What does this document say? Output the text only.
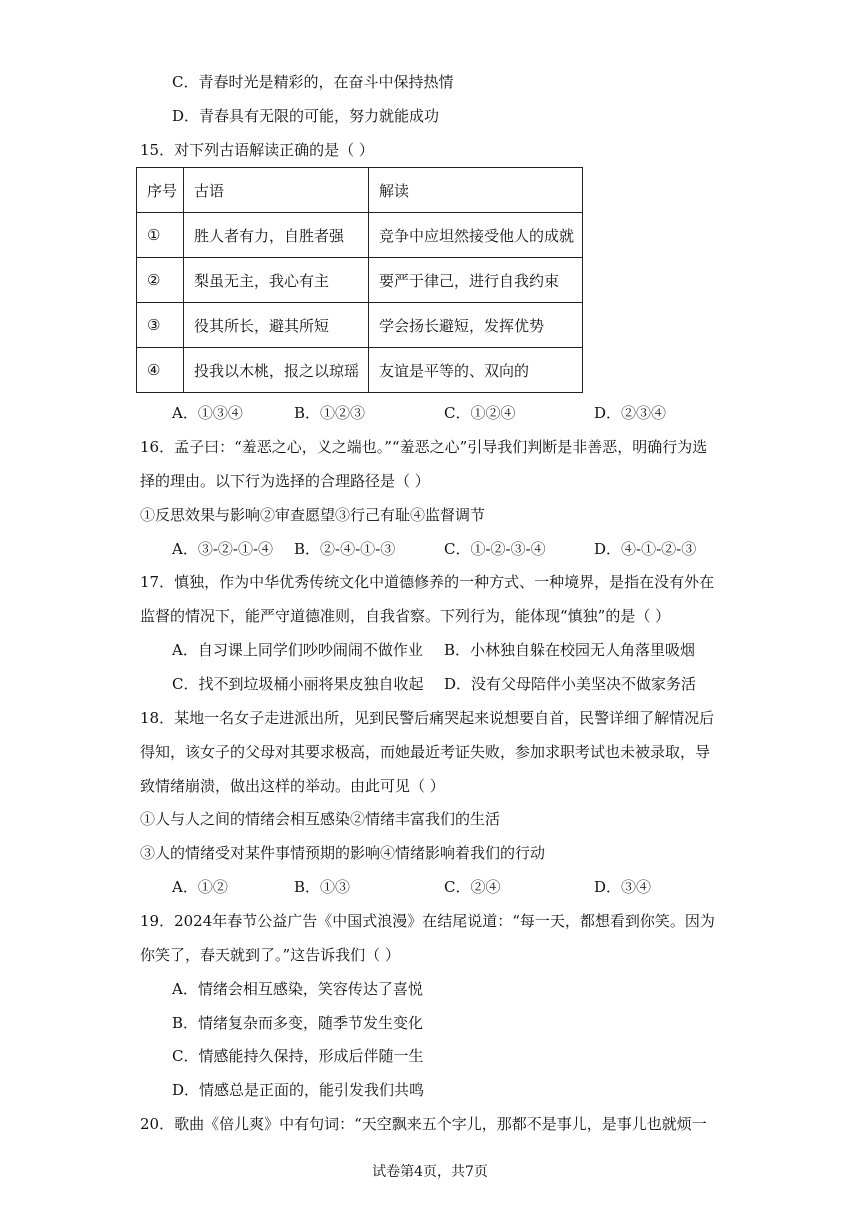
C．青春时光是精彩的，在奋斗中保持热情
D．青春具有无限的可能，努力就能成功
15．对下列古语解读正确的是（ ）
序号	古语	解读
①	胜人者有力，自胜者强	竞争中应坦然接受他人的成就
②	梨虽无主，我心有主	要严于律己，进行自我约束
③	役其所长，避其所短	学会扬长避短，发挥优势
④	投我以木桃，报之以琼瑶	友谊是平等的、双向的
A．①③④	B．①②③	C．①②④	D．②③④
16．孟子曰：“羞恶之心，义之端也。”“羞恶之心”引导我们判断是非善恶，明确行为选
择的理由。以下行为选择的合理路径是（ ）
①反思效果与影响②审查愿望③行己有耻④监督调节
A．③-②-①-④ B．②-④-①-③	C．①-②-③-④	D．④-①-②-③
17．慎独，作为中华优秀传统文化中道德修养的一种方式、一种境界，是指在没有外在
监督的情况下，能严守道德准则，自我省察。下列行为，能体现“慎独”的是（ ）
A．自习课上同学们吵吵闹闹不做作业 B．小林独自躲在校园无人角落里吸烟
C．找不到垃圾桶小丽将果皮独自收起 D．没有父母陪伴小美坚决不做家务活
18．某地一名女子走进派出所，见到民警后痛哭起来说想要自首，民警详细了解情况后
得知，该女子的父母对其要求极高，而她最近考证失败，参加求职考试也未被录取，导
致情绪崩溃，做出这样的举动。由此可见（ ）
①人与人之间的情绪会相互感染②情绪丰富我们的生活
③人的情绪受对某件事情预期的影响④情绪影响着我们的行动
A．①②	B．①③	C．②④	D．③④
19．2024年春节公益广告《中国式浪漫》在结尾说道：“每一天，都想看到你笑。因为
你笑了，春天就到了。”这告诉我们（ ）
A．情绪会相互感染，笑容传达了喜悦
B．情绪复杂而多变，随季节发生变化
C．情感能持久保持，形成后伴随一生
D．情感总是正面的，能引发我们共鸣
20．歌曲《倍儿爽》中有句词：“天空飘来五个字儿，那都不是事儿，是事儿也就烦一
试卷第4页，共7页
